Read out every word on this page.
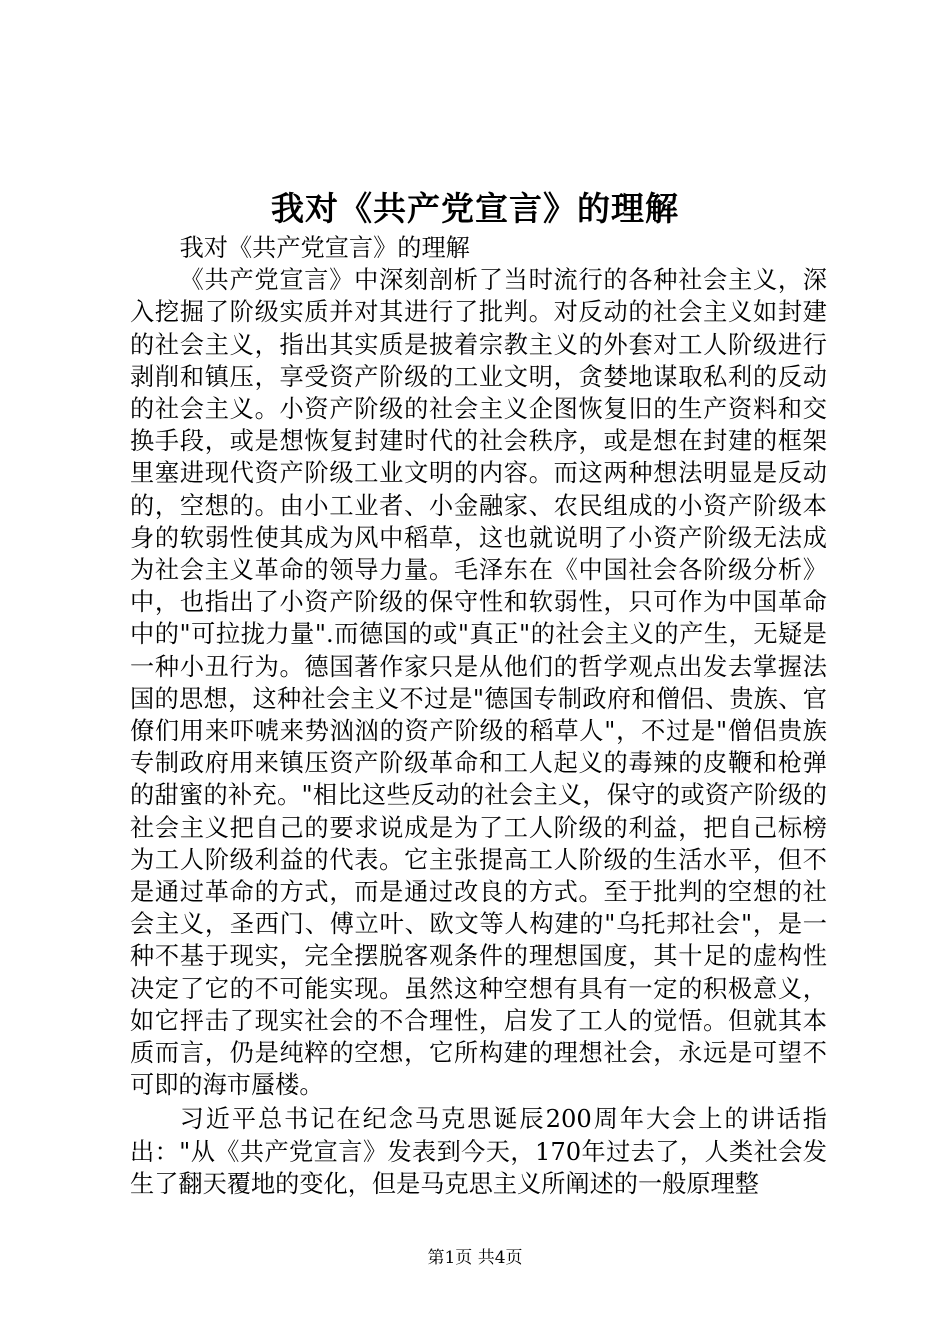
我对《共产党宣言》的理解

我对《共产党宣言》的理解

《共产党宣言》中深刻剖析了当时流行的各种社会主义，深入挖掘了阶级实质并对其进行了批判。对反动的社会主义如封建的社会主义，指出其实质是披着宗教主义的外套对工人阶级进行剥削和镇压，享受资产阶级的工业文明，贪婪地谋取私利的反动的社会主义。小资产阶级的社会主义企图恢复旧的生产资料和交换手段，或是想恢复封建时代的社会秩序，或是想在封建的框架里塞进现代资产阶级工业文明的内容。而这两种想法明显是反动的，空想的。由小工业者、小金融家、农民组成的小资产阶级本身的软弱性使其成为风中稻草，这也就说明了小资产阶级无法成为社会主义革命的领导力量。毛泽东在《中国社会各阶级分析》中，也指出了小资产阶级的保守性和软弱性，只可作为中国革命中的"可拉拢力量".而德国的或"真正"的社会主义的产生，无疑是一种小丑行为。德国著作家只是从他们的哲学观点出发去掌握法国的思想，这种社会主义不过是"德国专制政府和僧侣、贵族、官僚们用来吓唬来势汹汹的资产阶级的稻草人"，不过是"僧侣贵族专制政府用来镇压资产阶级革命和工人起义的毒辣的皮鞭和枪弹的甜蜜的补充。"相比这些反动的社会主义，保守的或资产阶级的社会主义把自己的要求说成是为了工人阶级的利益，把自己标榜为工人阶级利益的代表。它主张提高工人阶级的生活水平，但不是通过革命的方式，而是通过改良的方式。至于批判的空想的社会主义，圣西门、傅立叶、欧文等人构建的"乌托邦社会"，是一种不基于现实，完全摆脱客观条件的理想国度，其十足的虚构性决定了它的不可能实现。虽然这种空想有具有一定的积极意义，如它抨击了现实社会的不合理性，启发了工人的觉悟。但就其本质而言，仍是纯粹的空想，它所构建的理想社会，永远是可望不可即的海市蜃楼。

习近平总书记在纪念马克思诞辰200周年大会上的讲话指出："从《共产党宣言》发表到今天，170年过去了，人类社会发生了翻天覆地的变化，但是马克思主义所阐述的一般原理整

第1页 共4页
